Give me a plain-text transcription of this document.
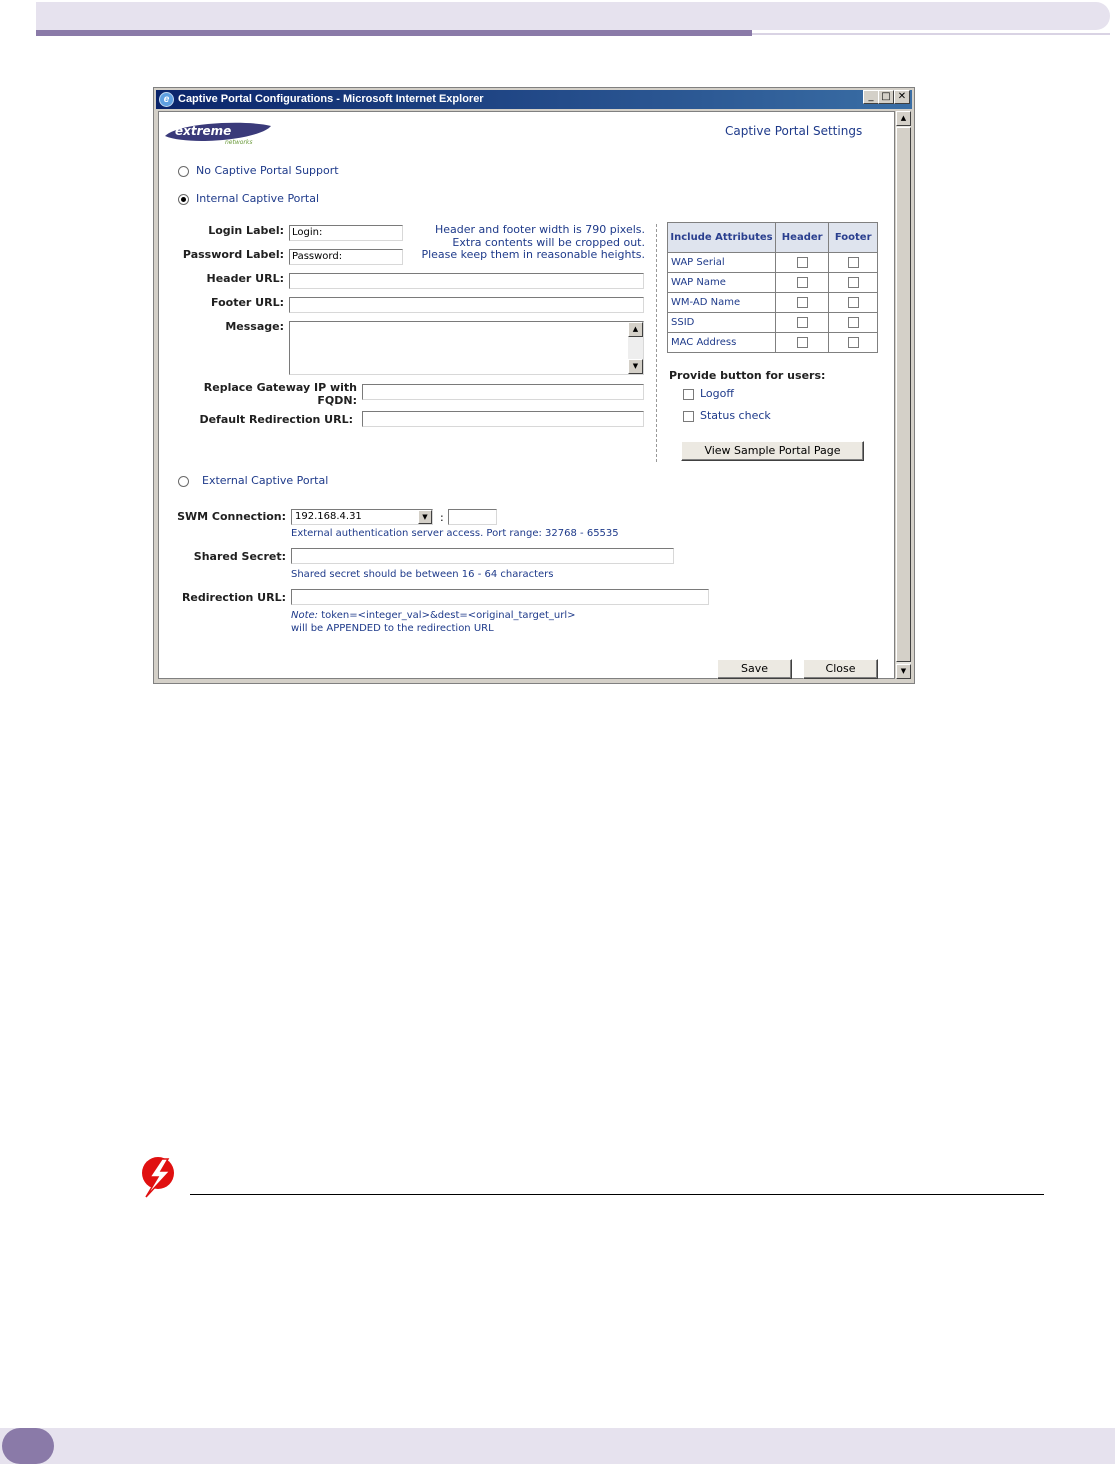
e Captive Portal Configurations - Microsoft Internet Explorer	_ □ ✕
extreme
networks
Captive Portal Settings
No Captive Portal Support
Internal Captive Portal
Login Label: Login:
Password Label: Password:
Header and footer width is 790 pixels.
Extra contents will be cropped out.
Please keep them in reasonable heights.
Header URL:
Footer URL:
Message:	▲
▼
Replace Gateway IP with
FQDN:
Default Redirection URL:
Include Attributes	Header	Footer
WAP Serial		
WAP Name		
WM-AD Name		
SSID		
MAC Address		
Provide button for users:
Logoff
Status check
View Sample Portal Page
External Captive Portal
SWM Connection: 192.168.4.31	▼	:
External authentication server access. Port range: 32768 - 65535
Shared Secret:
Shared secret should be between 16 - 64 characters
Redirection URL:
Note: token=<integer_val>&dest=<original_target_url>
will be APPENDED to the redirection URL
Save	Close
▲
▼
